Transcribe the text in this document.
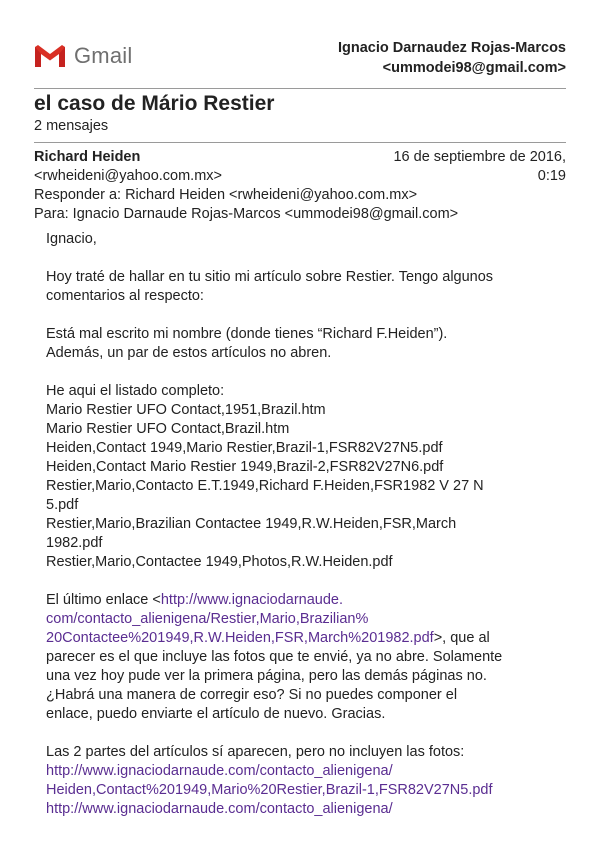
Gmail	Ignacio Darnaudez Rojas-Marcos
<ummodei98@gmail.com>
el caso de Mário Restier
2 mensajes
Richard Heiden
<rwheideni@yahoo.com.mx>
16 de septiembre de 2016,
0:19
Responder a: Richard Heiden <rwheideni@yahoo.com.mx>
Para: Ignacio Darnaude Rojas-Marcos <ummodei98@gmail.com>

Ignacio,

Hoy traté de hallar en tu sitio mi artículo sobre Restier. Tengo algunos
comentarios al respecto:

Está mal escrito mi nombre (donde tienes “Richard F.Heiden”).
Además, un par de estos artículos no abren.

He aqui el listado completo:
Mario Restier UFO Contact,1951,Brazil.htm
Mario Restier UFO Contact,Brazil.htm
Heiden,Contact 1949,Mario Restier,Brazil-1,FSR82V27N5.pdf
Heiden,Contact Mario Restier 1949,Brazil-2,FSR82V27N6.pdf
Restier,Mario,Contacto E.T.1949,Richard F.Heiden,FSR1982 V 27 N
5.pdf
Restier,Mario,Brazilian Contactee 1949,R.W.Heiden,FSR,March
1982.pdf
Restier,Mario,Contactee 1949,Photos,R.W.Heiden.pdf

El último enlace <http://www.ignaciodarnaude.
com/contacto_alienigena/Restier,Mario,Brazilian%
20Contactee%201949,R.W.Heiden,FSR,March%201982.pdf>, que al
parecer es el que incluye las fotos que te envié, ya no abre. Solamente
una vez hoy pude ver la primera página, pero las demás páginas no.
¿Habrá una manera de corregir eso? Si no puedes componer el
enlace, puedo enviarte el artículo de nuevo. Gracias.

Las 2 partes del artículos sí aparecen, pero no incluyen las fotos:
http://www.ignaciodarnaude.com/contacto_alienigena/
Heiden,Contact%201949,Mario%20Restier,Brazil-1,FSR82V27N5.pdf
http://www.ignaciodarnaude.com/contacto_alienigena/
